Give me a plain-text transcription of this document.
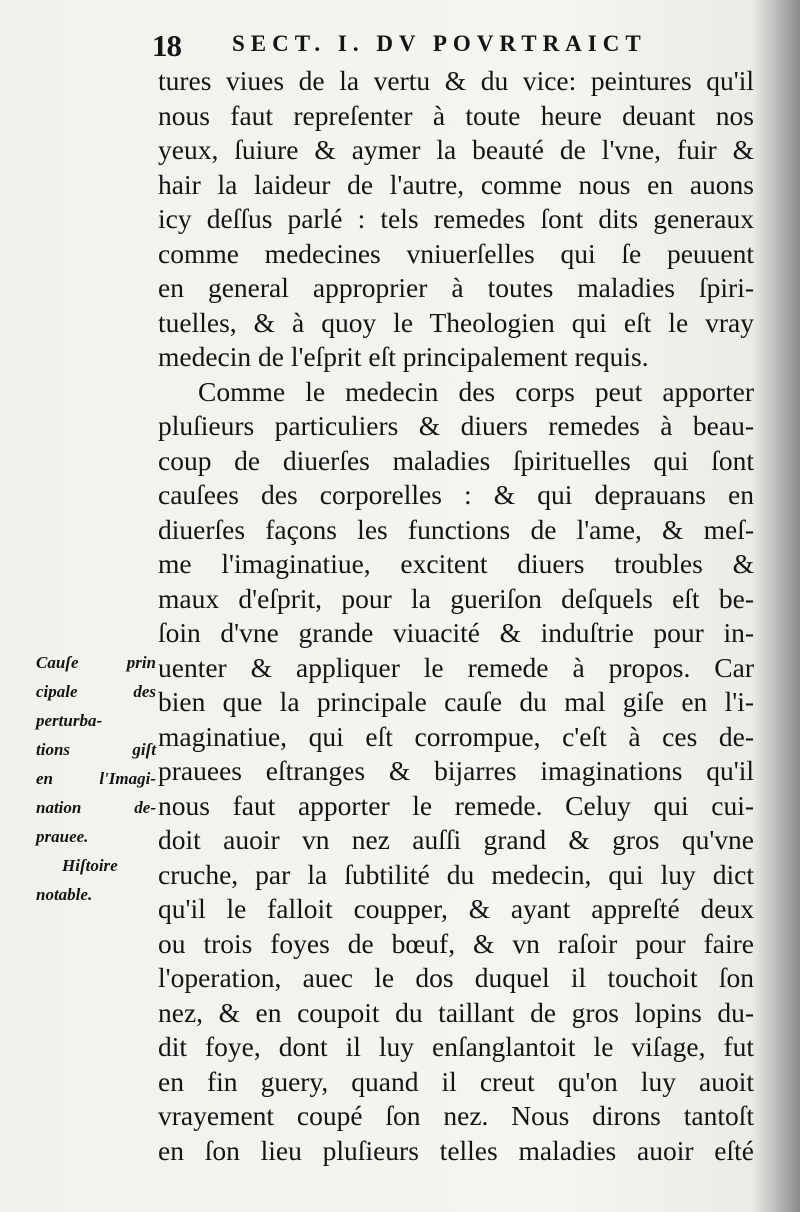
18 SECT. I. DV POVRTRAICT
tures viues de la vertu & du vice: peintures qu'il
nous faut repreſenter à toute heure deuant nos
yeux, ſuiure & aymer la beauté de l'vne, fuir &
hair la laideur de l'autre, comme nous en auons
icy deſſus parlé : tels remedes ſont dits generaux
comme medecines vniuerſelles qui ſe peuuent
en general approprier à toutes maladies ſpiri-
tuelles, & à quoy le Theologien qui eſt le vray
medecin de l'eſprit eſt principalement requis.
Comme le medecin des corps peut apporter
pluſieurs particuliers & diuers remedes à beau-
coup de diuerſes maladies ſpirituelles qui ſont
cauſees des corporelles : & qui deprauans en
diuerſes façons les functions de l'ame, & meſ-
me l'imaginatiue, excitent diuers troubles &
maux d'eſprit, pour la gueriſon deſquels eſt be-
ſoin d'vne grande viuacité & induſtrie pour in-
uenter & appliquer le remede à propos. Car
bien que la principale cauſe du mal giſe en l'i-
maginatiue, qui eſt corrompue, c'eſt à ces de-
prauees eſtranges & bijarres imaginations qu'il
nous faut apporter le remede. Celuy qui cui-
doit auoir vn nez auſſi grand & gros qu'vne
cruche, par la ſubtilité du medecin, qui luy dict
qu'il le falloit coupper, & ayant appreſté deux
ou trois foyes de bœuf, & vn raſoir pour faire
l'operation, auec le dos duquel il touchoit ſon
nez, & en coupoit du taillant de gros lopins du-
dit foye, dont il luy enſanglantoit le viſage, fut
en fin guery, quand il creut qu'on luy auoit
vrayement coupé ſon nez. Nous dirons tantoſt
en ſon lieu pluſieurs telles maladies auoir eſté
Cauſe prin
cipale des
perturba-
tions giſt
en l'Imagi-
nation de-
prauee.
Hiſtoire
notable.
